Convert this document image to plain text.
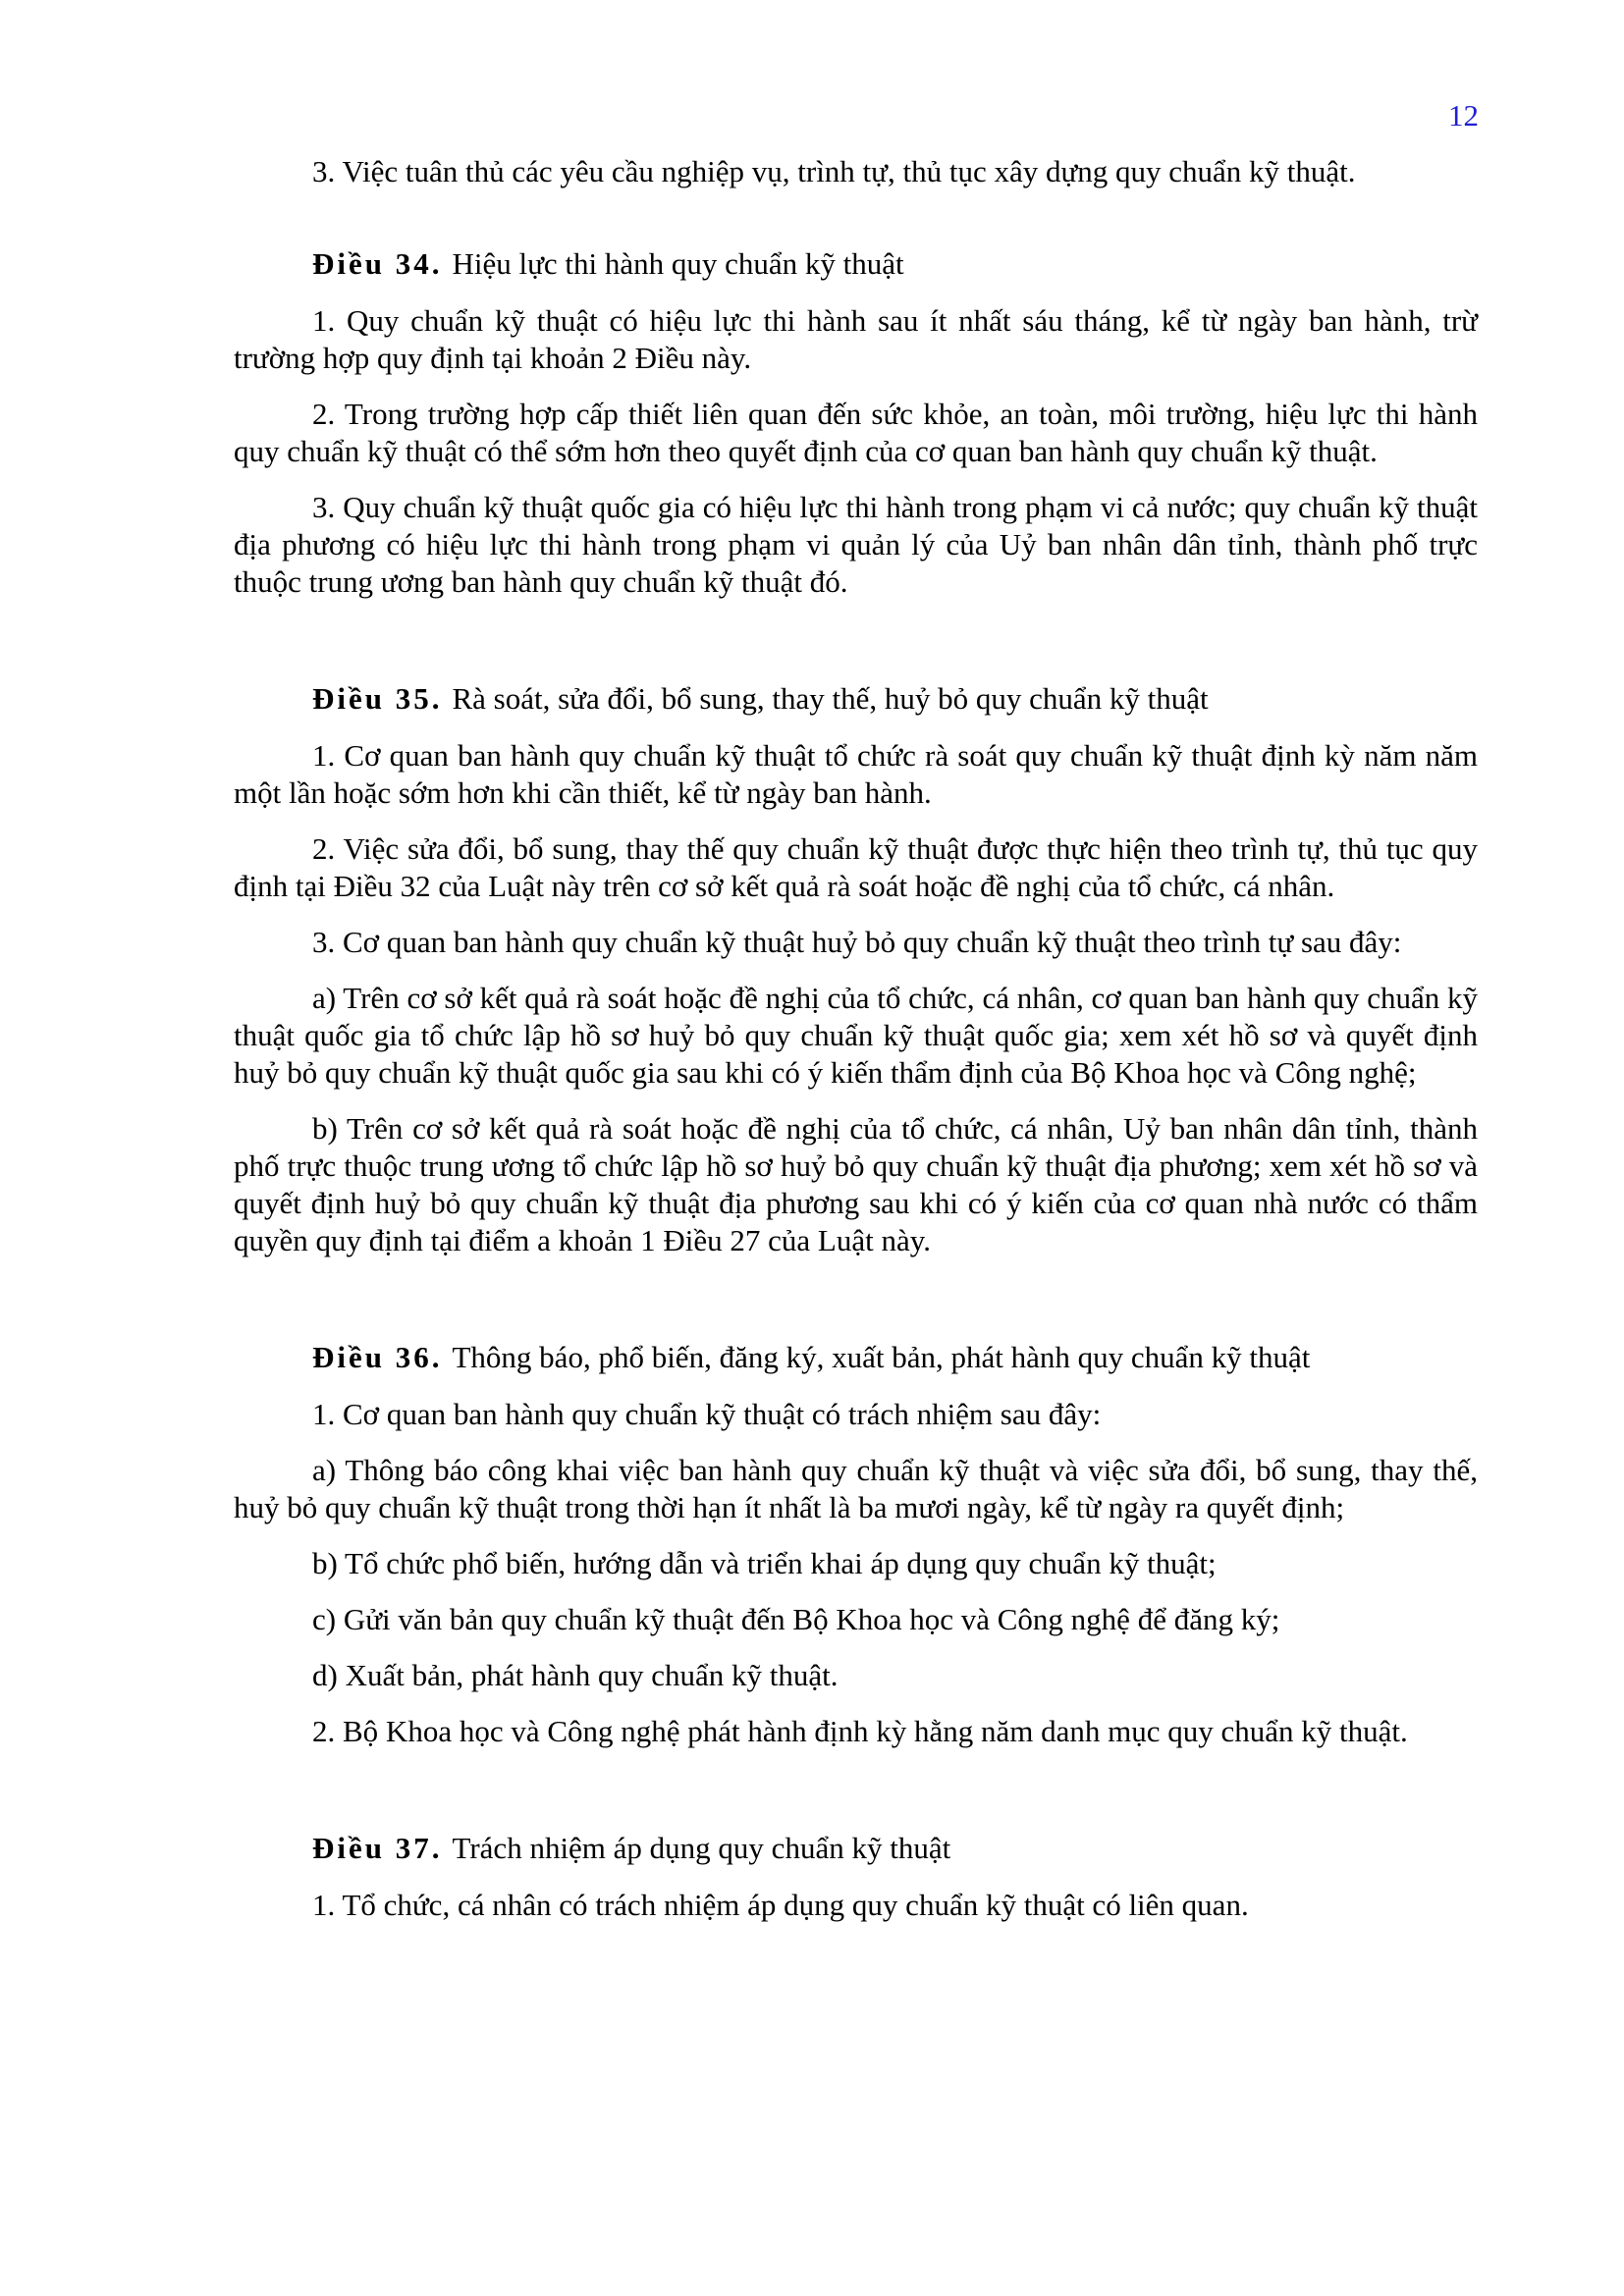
12

3. Việc tuân thủ các yêu cầu nghiệp vụ, trình tự, thủ tục xây dựng quy chuẩn kỹ thuật.

Điều 34. Hiệu lực thi hành quy chuẩn kỹ thuật

1. Quy chuẩn kỹ thuật có hiệu lực thi hành sau ít nhất sáu tháng, kể từ ngày ban hành, trừ trường hợp quy định tại khoản 2 Điều này.

2. Trong trường hợp cấp thiết liên quan đến sức khỏe, an toàn, môi trường, hiệu lực thi hành quy chuẩn kỹ thuật có thể sớm hơn theo quyết định của cơ quan ban hành quy chuẩn kỹ thuật.

3. Quy chuẩn kỹ thuật quốc gia có hiệu lực thi hành trong phạm vi cả nước; quy chuẩn kỹ thuật địa phương có hiệu lực thi hành trong phạm vi quản lý của Uỷ ban nhân dân tỉnh, thành phố trực thuộc trung ương ban hành quy chuẩn kỹ thuật đó.

Điều 35. Rà soát, sửa đổi, bổ sung, thay thế, huỷ bỏ quy chuẩn kỹ thuật

1. Cơ quan ban hành quy chuẩn kỹ thuật tổ chức rà soát quy chuẩn kỹ thuật định kỳ năm năm một lần hoặc sớm hơn khi cần thiết, kể từ ngày ban hành.

2. Việc sửa đổi, bổ sung, thay thế quy chuẩn kỹ thuật được thực hiện theo trình tự, thủ tục quy định tại Điều 32 của Luật này trên cơ sở kết quả rà soát hoặc đề nghị của tổ chức, cá nhân.

3. Cơ quan ban hành quy chuẩn kỹ thuật huỷ bỏ quy chuẩn kỹ thuật theo trình tự sau đây:

a) Trên cơ sở kết quả rà soát hoặc đề nghị của tổ chức, cá nhân, cơ quan ban hành quy chuẩn kỹ thuật quốc gia tổ chức lập hồ sơ huỷ bỏ quy chuẩn kỹ thuật quốc gia; xem xét hồ sơ và quyết định huỷ bỏ quy chuẩn kỹ thuật quốc gia sau khi có ý kiến thẩm định của Bộ Khoa học và Công nghệ;

b) Trên cơ sở kết quả rà soát hoặc đề nghị của tổ chức, cá nhân, Uỷ ban nhân dân tỉnh, thành phố trực thuộc trung ương tổ chức lập hồ sơ huỷ bỏ quy chuẩn kỹ thuật địa phương; xem xét hồ sơ và quyết định huỷ bỏ quy chuẩn kỹ thuật địa phương sau khi có ý kiến của cơ quan nhà nước có thẩm quyền quy định tại điểm a khoản 1 Điều 27 của Luật này.

Điều 36. Thông báo, phổ biến, đăng ký, xuất bản, phát hành quy chuẩn kỹ thuật

1. Cơ quan ban hành quy chuẩn kỹ thuật có trách nhiệm sau đây:

a) Thông báo công khai việc ban hành quy chuẩn kỹ thuật và việc sửa đổi, bổ sung, thay thế, huỷ bỏ quy chuẩn kỹ thuật trong thời hạn ít nhất là ba mươi ngày, kể từ ngày ra quyết định;

b) Tổ chức phổ biến, hướng dẫn và triển khai áp dụng quy chuẩn kỹ thuật;

c) Gửi văn bản quy chuẩn kỹ thuật đến Bộ Khoa học và Công nghệ để đăng ký;

d) Xuất bản, phát hành quy chuẩn kỹ thuật.

2. Bộ Khoa học và Công nghệ phát hành định kỳ hằng năm danh mục quy chuẩn kỹ thuật.

Điều 37. Trách nhiệm áp dụng quy chuẩn kỹ thuật

1. Tổ chức, cá nhân có trách nhiệm áp dụng quy chuẩn kỹ thuật có liên quan.
